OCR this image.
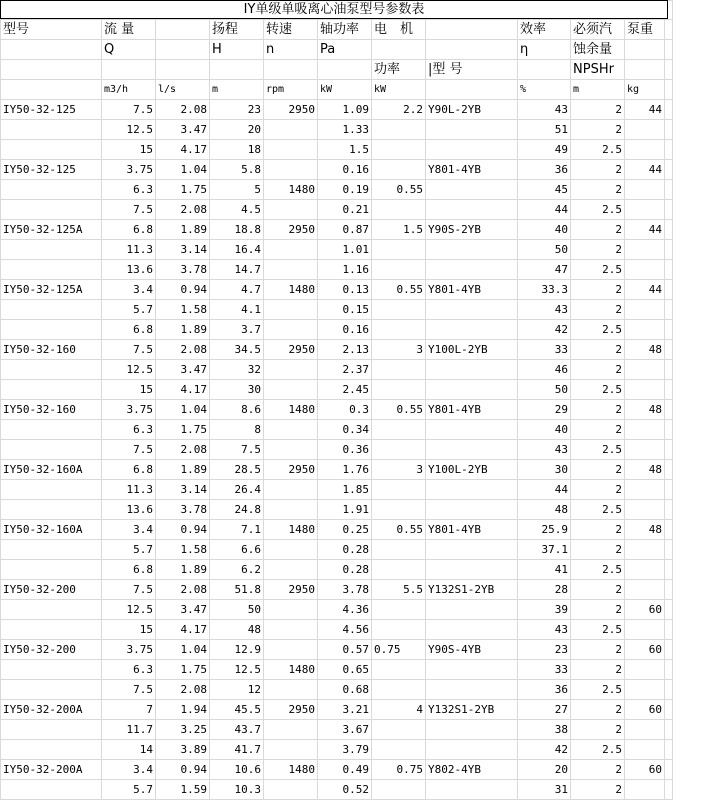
型号	流 量		扬程	转速	轴功率	电　机		效率	必须汽	泵重	
	Q		H	n	Pa			η	蚀余量		
						功率	|型 号		NPSHr		
	m3/h	l/s	m	rpm	kW	kW		%	m	kg	
IY50-32-125	7.5	2.08	23	2950	1.09	2.2	Y90L-2YB	43	2	44	
	12.5	3.47	20		1.33			51	2		
	15	4.17	18		1.5			49	2.5		
IY50-32-125	3.75	1.04	5.8		0.16		Y801-4YB	36	2	44	
	6.3	1.75	5	1480	0.19	0.55		45	2		
	7.5	2.08	4.5		0.21			44	2.5		
IY50-32-125A	6.8	1.89	18.8	2950	0.87	1.5	Y90S-2YB	40	2	44	
	11.3	3.14	16.4		1.01			50	2		
	13.6	3.78	14.7		1.16			47	2.5		
IY50-32-125A	3.4	0.94	4.7	1480	0.13	0.55	Y801-4YB	33.3	2	44	
	5.7	1.58	4.1		0.15			43	2		
	6.8	1.89	3.7		0.16			42	2.5		
IY50-32-160	7.5	2.08	34.5	2950	2.13	3	Y100L-2YB	33	2	48	
	12.5	3.47	32		2.37			46	2		
	15	4.17	30		2.45			50	2.5		
IY50-32-160	3.75	1.04	8.6	1480	0.3	0.55	Y801-4YB	29	2	48	
	6.3	1.75	8		0.34			40	2		
	7.5	2.08	7.5		0.36			43	2.5		
IY50-32-160A	6.8	1.89	28.5	2950	1.76	3	Y100L-2YB	30	2	48	
	11.3	3.14	26.4		1.85			44	2		
	13.6	3.78	24.8		1.91			48	2.5		
IY50-32-160A	3.4	0.94	7.1	1480	0.25	0.55	Y801-4YB	25.9	2	48	
	5.7	1.58	6.6		0.28			37.1	2		
	6.8	1.89	6.2		0.28			41	2.5		
IY50-32-200	7.5	2.08	51.8	2950	3.78	5.5	Y132S1-2YB	28	2		
	12.5	3.47	50		4.36			39	2	60	
	15	4.17	48		4.56			43	2.5		
IY50-32-200	3.75	1.04	12.9		0.57	0.75	Y90S-4YB	23	2	60	
	6.3	1.75	12.5	1480	0.65			33	2		
	7.5	2.08	12		0.68			36	2.5		
IY50-32-200A	7	1.94	45.5	2950	3.21	4	Y132S1-2YB	27	2	60	
	11.7	3.25	43.7		3.67			38	2		
	14	3.89	41.7		3.79			42	2.5		
IY50-32-200A	3.4	0.94	10.6	1480	0.49	0.75	Y802-4YB	20	2	60	
	5.7	1.59	10.3		0.52			31	2		
IY单级单吸离心油泵型号参数表
